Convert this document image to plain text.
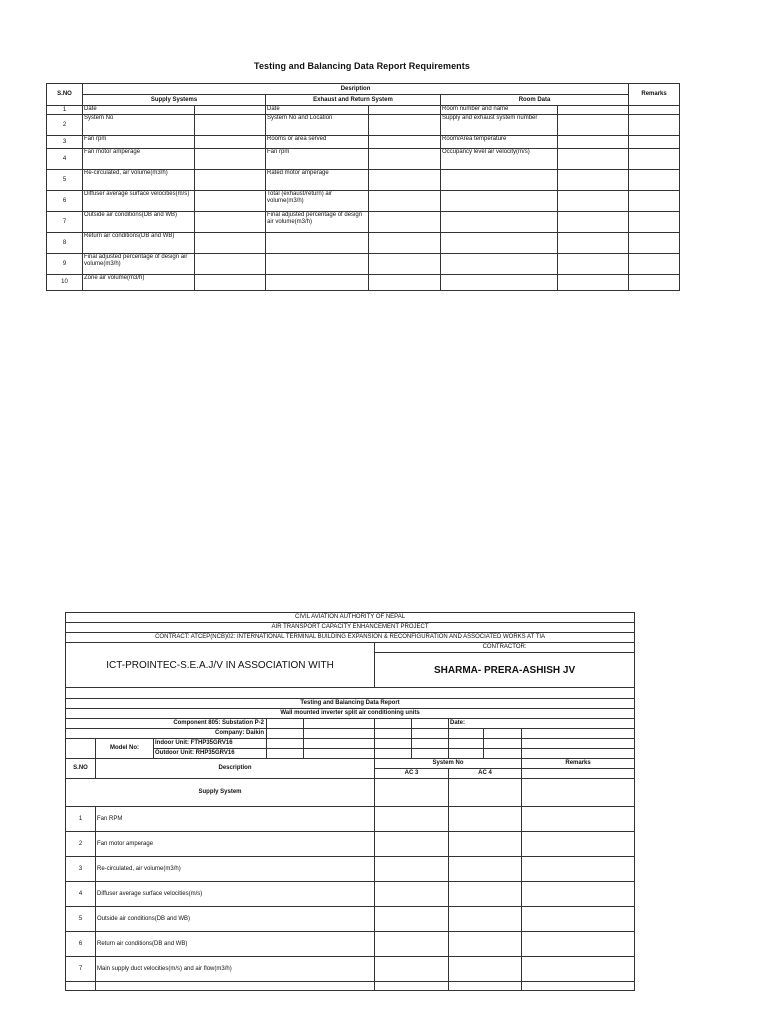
Testing and Balancing Data Report Requirements
S.NO	Desription						Remarks
	Supply Systems		Exhaust and Return System		Room Data		
1	Date		Date		Room number and name		
2	System No		System No and Location		Supply and exhaust system number		
3	Fan rpm		Rooms or area served		Room/Area temperature		
4	Fan motor amperage		Fan rpm		Occupancy level air velocity(m/s)		
5	Re-circulated, air volume(m3/h)		Rated motor amperage				
6	Diffuser average surface velocities(m/s)		Total (exhaust/return) air volume(m3/h)				
7	Outside air conditions(DB and WB)		Final adjusted percentage of design air volume(m3/h)				
8	Return air conditions(DB and WB)						
9	Final adjusted percentage of design air volume(m3/h)						
10	Zone air volume(m3/h)						
CIVIL AVIATION AUTHORITY OF NEPAL									
AIR TRANSPORT CAPACITY ENHANCEMENT PROJECT									
CONTRACT: ATCEP(NCB)02: INTERNATIONAL TERMINAL BUILDING EXPANSION & RECONFIGURATION AND ASSOCIATED WORKS AT TIA									
ICT-PROINTEC-S.E.A.J/V IN ASSOCIATION WITH					CONTRACTOR:				
					SHARMA- PRERA-ASHISH JV				

Testing and Balancing Data Report									
Wall mounted inverter split air conditioning units									
Component 805: Substation P-2							Date:		
Company: Daikin									
	Model No:	Indoor Unit: FTHP35GRV16							
		Outdoor Unit: RHP35GRV16							
S.NO	Description				System No				Remarks
					AC 3		AC 4		
Supply System									
1	Fan RPM								
2	Fan motor amperage								
3	Re-circulated, air volume(m3/h)								
4	Diffuser average surface velocities(m/s)								
5	Outside air conditions(DB and WB)								
6	Return air conditions(DB and WB)								
7	Main supply duct velocities(m/s) and air flow(m3/h)								
